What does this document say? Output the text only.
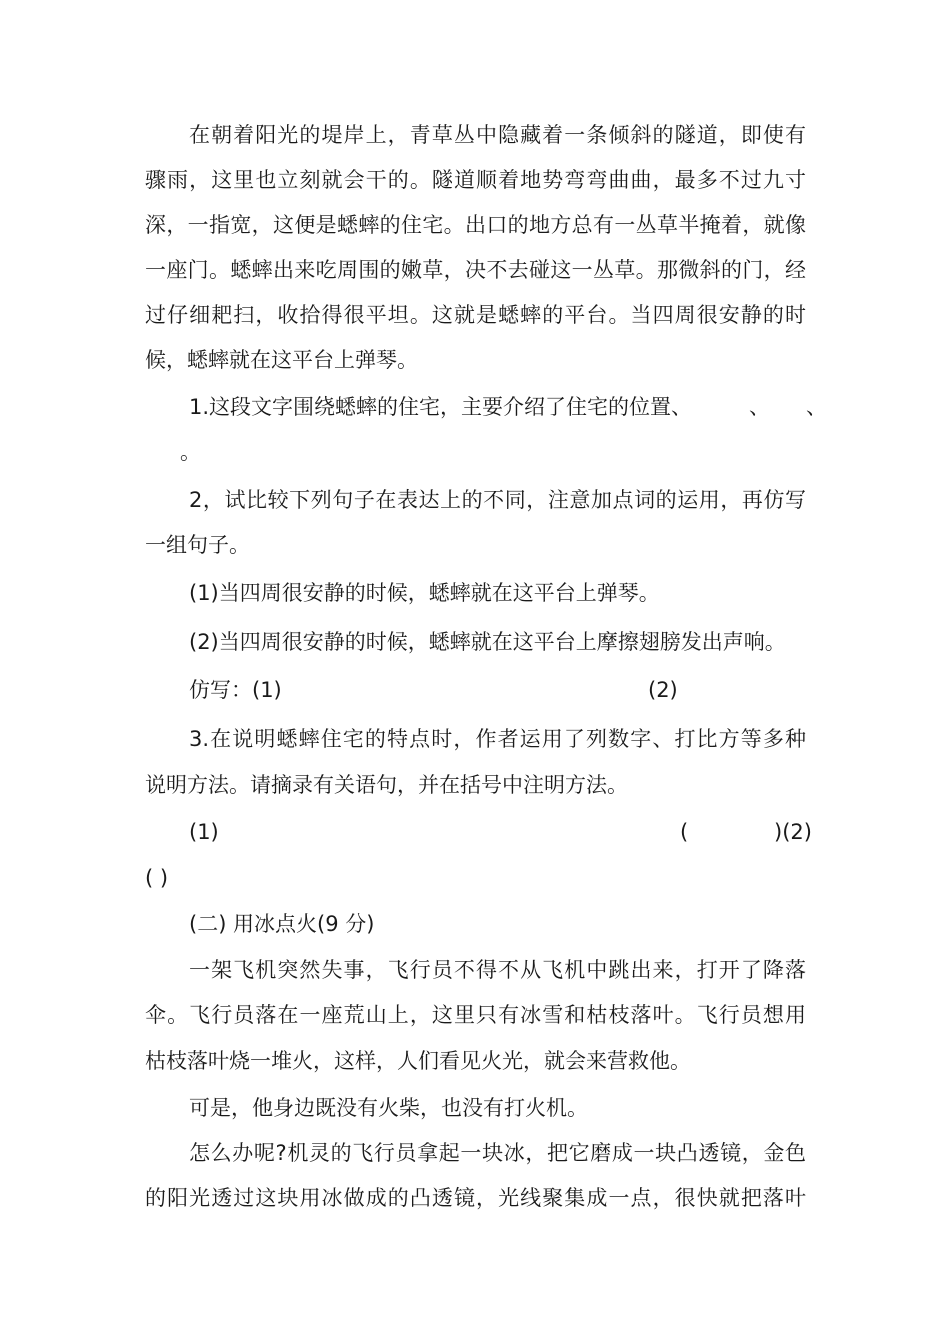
在朝着阳光的堤岸上，青草丛中隐藏着一条倾斜的隧道，即使有
骤雨，这里也立刻就会干的。隧道顺着地势弯弯曲曲，最多不过九寸
深，一指宽，这便是蟋蟀的住宅。出口的地方总有一丛草半掩着，就像
一座门。蟋蟀出来吃周围的嫩草，决不去碰这一丛草。那微斜的门，经
过仔细耙扫，收拾得很平坦。这就是蟋蟀的平台。当四周很安静的时
候，蟋蟀就在这平台上弹琴。
1.这段文字围绕蟋蟀的住宅，主要介绍了住宅的位置、	、 、
。
2，试比较下列句子在表达上的不同，注意加点词的运用，再仿写
一组句子。
(1)当四周很安静的时候，蟋蟀就在这平台上弹琴。
(2)当四周很安静的时候，蟋蟀就在这平台上摩擦翅膀发出声响。
仿写：(1)	(2)
3.在说明蟋蟀住宅的特点时，作者运用了列数字、打比方等多种
说明方法。请摘录有关语句，并在括号中注明方法。
(1)	(	)(2)
( )
(二) 用冰点火(9 分)
一架飞机突然失事，飞行员不得不从飞机中跳出来，打开了降落
伞。飞行员落在一座荒山上，这里只有冰雪和枯枝落叶。飞行员想用
枯枝落叶烧一堆火，这样，人们看见火光，就会来营救他。
可是，他身边既没有火柴，也没有打火机。
怎么办呢?机灵的飞行员拿起一块冰，把它磨成一块凸透镜，金色
的阳光透过这块用冰做成的凸透镜，光线聚集成一点，很快就把落叶
